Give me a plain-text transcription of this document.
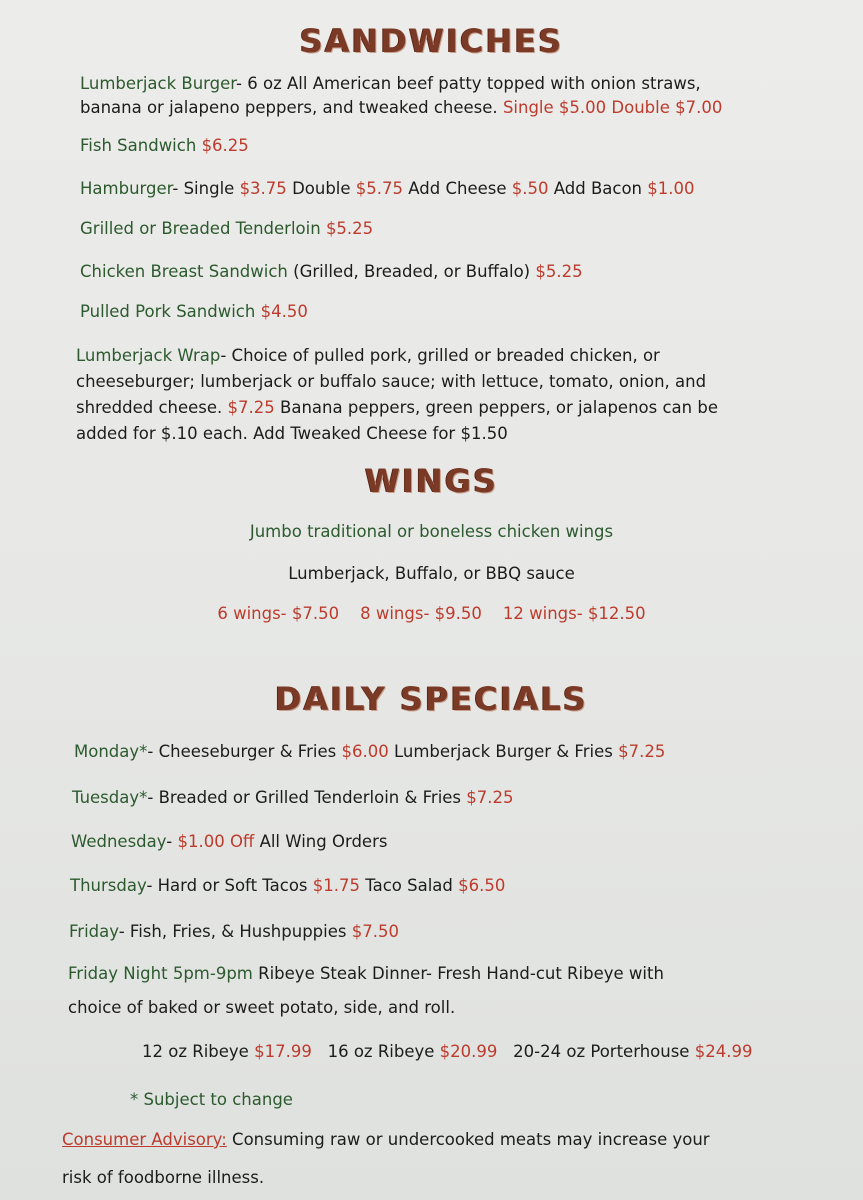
SANDWICHES
Lumberjack Burger- 6 oz All American beef patty topped with onion straws,
banana or jalapeno peppers, and tweaked cheese. Single $5.00 Double $7.00
Fish Sandwich $6.25
Hamburger- Single $3.75 Double $5.75 Add Cheese $.50 Add Bacon $1.00
Grilled or Breaded Tenderloin $5.25
Chicken Breast Sandwich (Grilled, Breaded, or Buffalo) $5.25
Pulled Pork Sandwich $4.50
Lumberjack Wrap- Choice of pulled pork, grilled or breaded chicken, or
cheeseburger; lumberjack or buffalo sauce; with lettuce, tomato, onion, and
shredded cheese. $7.25 Banana peppers, green peppers, or jalapenos can be
added for $.10 each. Add Tweaked Cheese for $1.50
WINGS
Jumbo traditional or boneless chicken wings
Lumberjack, Buffalo, or BBQ sauce
6 wings- $7.50 8 wings- $9.50 12 wings- $12.50
DAILY SPECIALS
Monday*- Cheeseburger & Fries $6.00 Lumberjack Burger & Fries $7.25
Tuesday*- Breaded or Grilled Tenderloin & Fries $7.25
Wednesday- $1.00 Off All Wing Orders
Thursday- Hard or Soft Tacos $1.75 Taco Salad $6.50
Friday- Fish, Fries, & Hushpuppies $7.50
Friday Night 5pm-9pm Ribeye Steak Dinner- Fresh Hand-cut Ribeye with
choice of baked or sweet potato, side, and roll.
12 oz Ribeye $17.99 16 oz Ribeye $20.99 20-24 oz Porterhouse $24.99
* Subject to change
Consumer Advisory: Consuming raw or undercooked meats may increase your
risk of foodborne illness.
